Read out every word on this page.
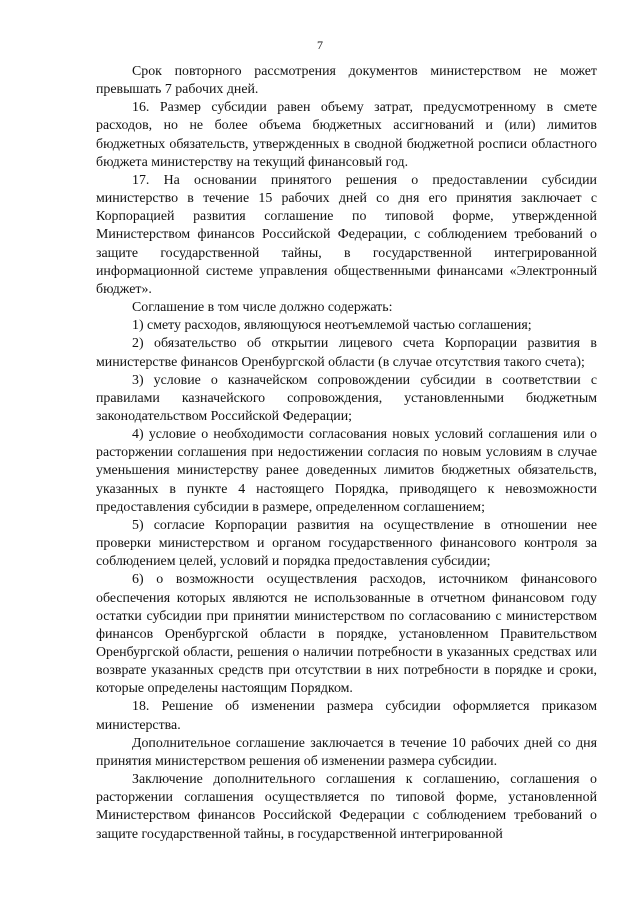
7

Срок повторного рассмотрения документов министерством не может превышать 7 рабочих дней.

16. Размер субсидии равен объему затрат, предусмотренному в смете расходов, но не более объема бюджетных ассигнований и (или) лимитов бюджетных обязательств, утвержденных в сводной бюджетной росписи областного бюджета министерству на текущий финансовый год.

17. На основании принятого решения о предоставлении субсидии министерство в течение 15 рабочих дней со дня его принятия заключает с Корпорацией развития соглашение по типовой форме, утвержденной Министерством финансов Российской Федерации, с соблюдением требований о защите государственной тайны, в государственной интегрированной информационной системе управления общественными финансами «Электронный бюджет».

Соглашение в том числе должно содержать:

1) смету расходов, являющуюся неотъемлемой частью соглашения;

2) обязательство об открытии лицевого счета Корпорации развития в министерстве финансов Оренбургской области (в случае отсутствия такого счета);

3) условие о казначейском сопровождении субсидии в соответствии с правилами казначейского сопровождения, установленными бюджетным законодательством Российской Федерации;

4) условие о необходимости согласования новых условий соглашения или о расторжении соглашения при недостижении согласия по новым условиям в случае уменьшения министерству ранее доведенных лимитов бюджетных обязательств, указанных в пункте 4 настоящего Порядка, приводящего к невозможности предоставления субсидии в размере, определенном соглашением;

5) согласие Корпорации развития на осуществление в отношении нее проверки министерством и органом государственного финансового контроля за соблюдением целей, условий и порядка предоставления субсидии;

6) о возможности осуществления расходов, источником финансового обеспечения которых являются не использованные в отчетном финансовом году остатки субсидии при принятии министерством по согласованию с министерством финансов Оренбургской области в порядке, установленном Правительством Оренбургской области, решения о наличии потребности в указанных средствах или возврате указанных средств при отсутствии в них потребности в порядке и сроки, которые определены настоящим Порядком.

18. Решение об изменении размера субсидии оформляется приказом министерства.

Дополнительное соглашение заключается в течение 10 рабочих дней со дня принятия министерством решения об изменении размера субсидии.

Заключение дополнительного соглашения к соглашению, соглашения о расторжении соглашения осуществляется по типовой форме, установленной Министерством финансов Российской Федерации с соблюдением требований о защите государственной тайны, в государственной интегрированной
